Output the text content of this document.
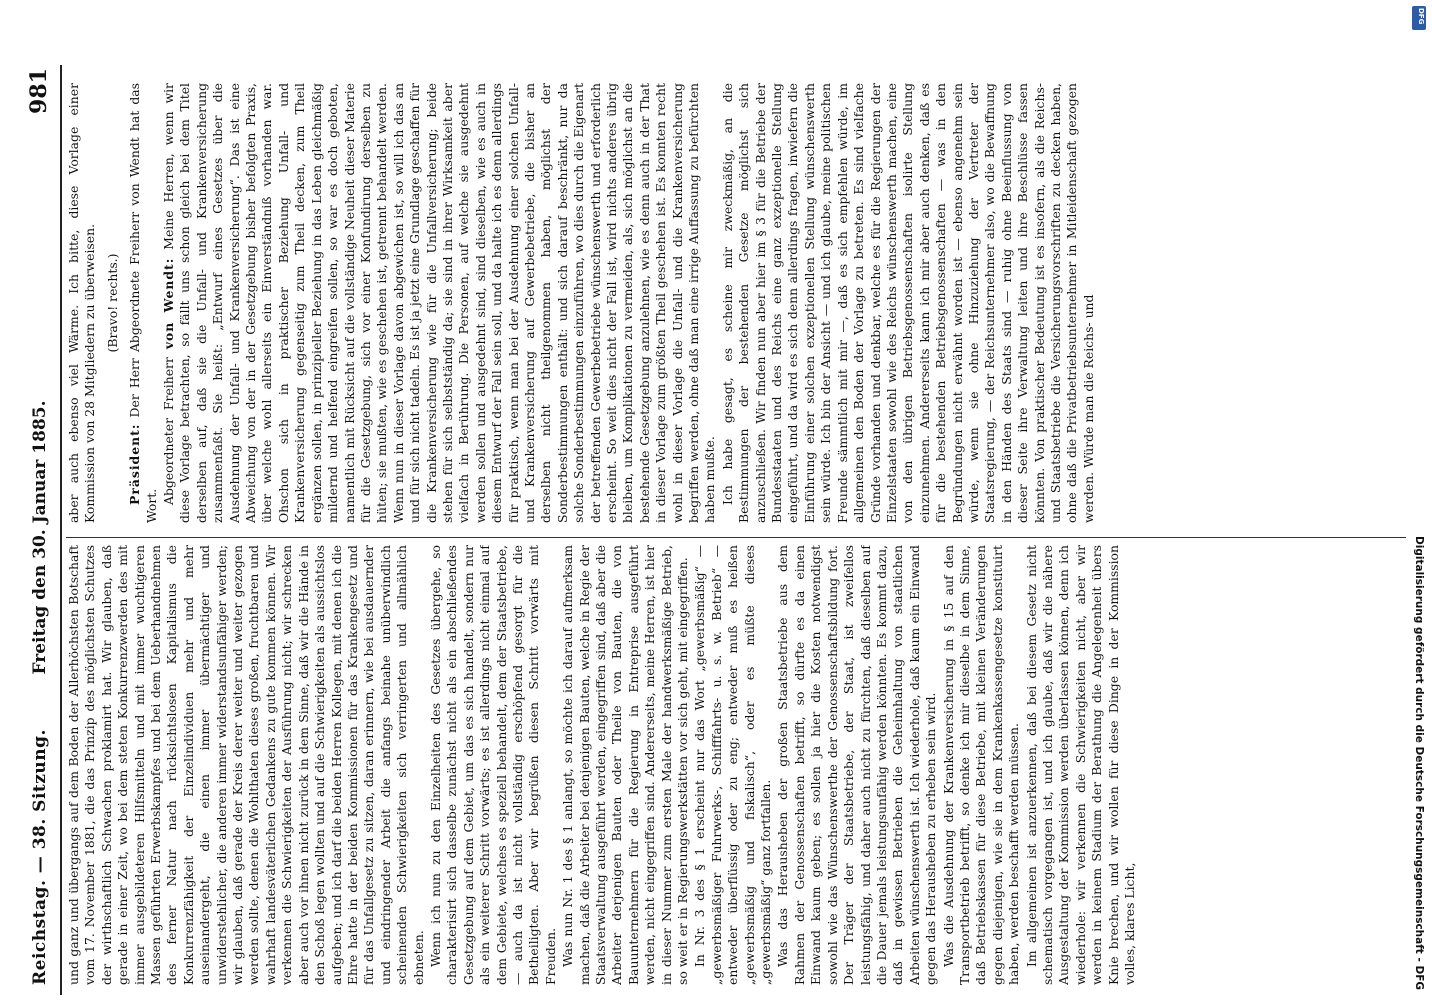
Reichstag. — 38. Sitzung.
Freitag den 30. Januar 1885.
981

und ganz und übergangs auf dem Boden der Allerhöchsten Botschaft vom 17. November 1881, die das Prinzip des möglichsten Schutzes der wirthschaftlich Schwachen proklamirt hat. Wir glauben, daß gerade in einer Zeit, wo bei dem steten Konkurrenzwerden des mit immer ausgebildeteren Hilfsmitteln und mit immer wuchtigeren Massen geführten Erwerbskampfes und bei dem Ueberhandnehmen des ferner Natur nach rücksichtslosen Kapitalismus die Konkurrenzfähigkeit der Einzelindividuen mehr und mehr auseinandergeht, die einen immer übermächtiger und unwiderstehlicher, die anderen immer widerstandsunfähiger werden; wir glauben, daß gerade der Kreis derer weiter und weiter gezogen werden sollte, denen die Wohlthaten dieses großen, fruchtbaren und wahrhaft landesväterlichen Gedankens zu gute kommen können. Wir verkennen die Schwierigkeiten der Ausführung nicht; wir schrecken aber auch vor ihnen nicht zurück in dem Sinne, daß wir die Hände in den Schoß legen wollten und auf die Schwierigkeiten als aussichtslos aufgeben; und ich darf die beiden Herren Kollegen, mit denen ich die Ehre hatte in der beiden Kommissionen für das Krankengesetz und für das Unfallgesetz zu sitzen, daran erinnern, wie bei ausdauernder und eindringender Arbeit die anfangs beinahe unüberwindlich scheinenden Schwierigkeiten sich verringerten und allmählich ebneten. Wenn ich nun zu den Einzelheiten des Gesetzes übergehe, so charakterisirt sich dasselbe zunächst nicht als ein abschließendes Gesetzgebung auf dem Gebiet, um das es sich handelt, sondern nur als ein weiterer Schritt vorwärts; es ist allerdings nicht einmal auf dem Gebiete, welches es speziell behandelt, dem der Staatsbetriebe, — auch da ist nicht vollständig erschöpfend gesorgt für die Betheiligten. Aber wir begrüßen diesen Schritt vorwärts mit Freuden. Was nun Nr. 1 des § 1 anlangt, so möchte ich darauf aufmerksam machen, daß die Arbeiter bei denjenigen Bauten, welche in Regie der Staatsverwaltung ausgeführt werden, eingegriffen sind, daß aber die Arbeiter derjenigen Bauten oder Theile von Bauten, die von Bauunternehmern für die Regierung in Entreprise ausgeführt werden, nicht eingegriffen sind. Andererseits, meine Herren, ist hier in dieser Nummer zum ersten Male der handwerksmäßige Betrieb, so weit er in Regierungswerkstätten vor sich geht, mit eingegriffen. In Nr. 3 des § 1 erscheint nur das Wort „gewerbsmäßig“ — „gewerbsmäßiger Fuhrwerks-, Schifffahrts- u. s. w. Betrieb“ — entweder überflüssig oder zu eng; entweder muß es heißen „gewerbsmäßig und fiskalisch“, oder es müßte dieses „gewerbsmäßig“ ganz fortfallen. Was das Herausheben der großen Staatsbetriebe aus dem Rahmen der Genossenschaften betrifft, so dürfte es da einen Einwand kaum geben; es sollen ja hier die Kosten notwendigst sowohl wie das Wünschenswerthe der Genossenschaftsbildung fort. Der Träger der Staatsbetriebe, der Staat, ist zweifellos leistungsfähig, und daher auch nicht zu fürchten, daß dieselben auf die Dauer jemals leistungsunfähig werden könnten. Es kommt dazu, daß in gewissen Betrieben die Geheimhaltung von staatlichen Arbeiten wünschenswerth ist. Ich wiederhole, daß kaum ein Einwand gegen das Herausheben zu erheben sein wird. Was die Ausdehnung der Krankenversicherung in § 15 auf den Transportbetrieb betrifft, so denke ich mir dieselbe in dem Sinne, daß Betriebskassen für diese Betriebe, mit kleinen Veränderungen gegen diejenigen, wie sie in dem Krankenkassengesetze konstituirt haben, werden beschafft werden müssen. Im allgemeinen ist anzuerkennen, daß bei diesem Gesetz nicht schematisch vorgegangen ist, und ich glaube, daß wir die nähere Ausgestaltung der Kommission werden überlassen können, denn ich wiederhole: wir verkennen die Schwierigkeiten nicht, aber wir werden in keinem Stadium der Berathung die Angelegenheit übers Knie brechen, und wir wollen für diese Dinge in der Kommission volles, klares Licht,

aber auch ebenso viel Wärme. Ich bitte, diese Vorlage einer Kommission von 28 Mitgliedern zu überweisen. (Bravo! rechts.)

Präsident: Der Herr Abgeordnete Freiherr von Wendt hat das Wort.

Abgeordneter Freiherr von Wendt: Meine Herren, wenn wir diese Vorlage betrachten, so fällt uns schon gleich bei dem Titel derselben auf, daß sie die Unfall- und Krankenversicherung zusammenfaßt. Sie heißt: „Entwurf eines Gesetzes über die Ausdehnung der Unfall- und Krankenversicherung“. Das ist eine Abweichung von der in der Gesetzgebung bisher befolgten Praxis, über welche wohl allerseits ein Einverständniß vorhanden war. Ohschon sich in praktischer Beziehung Unfall- und Krankenversicherung gegenseitig zum Theil decken, zum Theil ergänzen sollen, in prinzipieller Beziehung in das Leben gleichmäßig mildernd und helfend eingreifen sollen, so war es doch geboten, namentlich mit Rücksicht auf die vollständige Neuheit dieser Materie für die Gesetzgebung, sich vor einer Konfundirung derselben zu hüten; sie mußten, wie es geschehen ist, getrennt behandelt werden. Wenn nun in dieser Vorlage davon abgewichen ist, so will ich das an und für sich nicht tadeln. Es ist ja jetzt eine Grundlage geschaffen für die Krankenversicherung wie für die Unfallversicherung; beide stehen für sich selbstständig da; sie sind in ihrer Wirksamkeit aber vielfach in Berührung. Die Personen, auf welche sie ausgedehnt werden sollen und ausgedehnt sind, sind dieselben, wie es auch in diesem Entwurf der Fall sein soll, und da halte ich es denn allerdings für praktisch, wenn man bei der Ausdehnung einer solchen Unfall- und Krankenversicherung auf Gewerbebetriebe, die bisher an derselben nicht theilgenommen haben, möglichst der Sonderbestimmungen enthält: und sich darauf beschränkt, nur da solche Sonderbestimmungen einzuführen, wo dies durch die Eigenart der betreffenden Gewerbebetriebe wünschenswerth und erforderlich erscheint. So weit dies nicht der Fall ist, wird nichts anderes übrig bleiben, um Komplikationen zu vermeiden, als, sich möglichst an die bestehende Gesetzgebung anzulehnen, wie es denn auch in der That in dieser Vorlage zum größten Theil geschehen ist. Es konnten recht wohl in dieser Vorlage die Unfall- und die Krankenversicherung begriffen werden, ohne daß man eine irrige Auffassung zu befürchten haben mußte. Ich habe gesagt, es scheine mir zweckmäßig, an die Bestimmungen der bestehenden Gesetze möglichst sich anzuschließen. Wir finden nun aber hier im § 3 für die Betriebe der Bundesstaaten und des Reichs eine ganz exzeptionelle Stellung eingeführt, und da wird es sich denn allerdings fragen, inwiefern die Einführung einer solchen exzeptionellen Stellung wünschenswerth sein würde. Ich bin der Ansicht — und ich glaube, meine politischen Freunde sämmtlich mit mir —, daß es sich empfehlen würde, im allgemeinen den Boden der Vorlage zu betreten. Es sind vielfache Gründe vorhanden und denkbar, welche es für die Regierungen der Einzelstaaten sowohl wie des Reichs wünschenswerth machen, eine von den übrigen Betriebsgenossenschaften isolirte Stellung einzunehmen. Andererseits kann ich mir aber auch denken, daß es für die bestehenden Betriebsgenossenschaften — was in den Begründungen nicht erwähnt worden ist — ebenso angenehm sein würde, wenn sie ohne Hinzuziehung der Vertreter der Staatsregierung, — der Reichsunternehmer also, wo die Bewaffnung in den Händen des Staats sind — ruhig ohne Beeinflussung von dieser Seite ihre Verwaltung leiten und ihre Beschlüsse fassen könnten. Von praktischer Bedeutung ist es insofern, als die Reichs- und Staatsbetriebe die Versicherungsvorschriften zu decken haben, ohne daß die Privatbetriebsunternehmer in Mitleidenschaft gezogen werden. Würde man die Reichs- und

DFG
Digitalisierung gefördert durch die Deutsche Forschungsgemeinschaft - DFG
